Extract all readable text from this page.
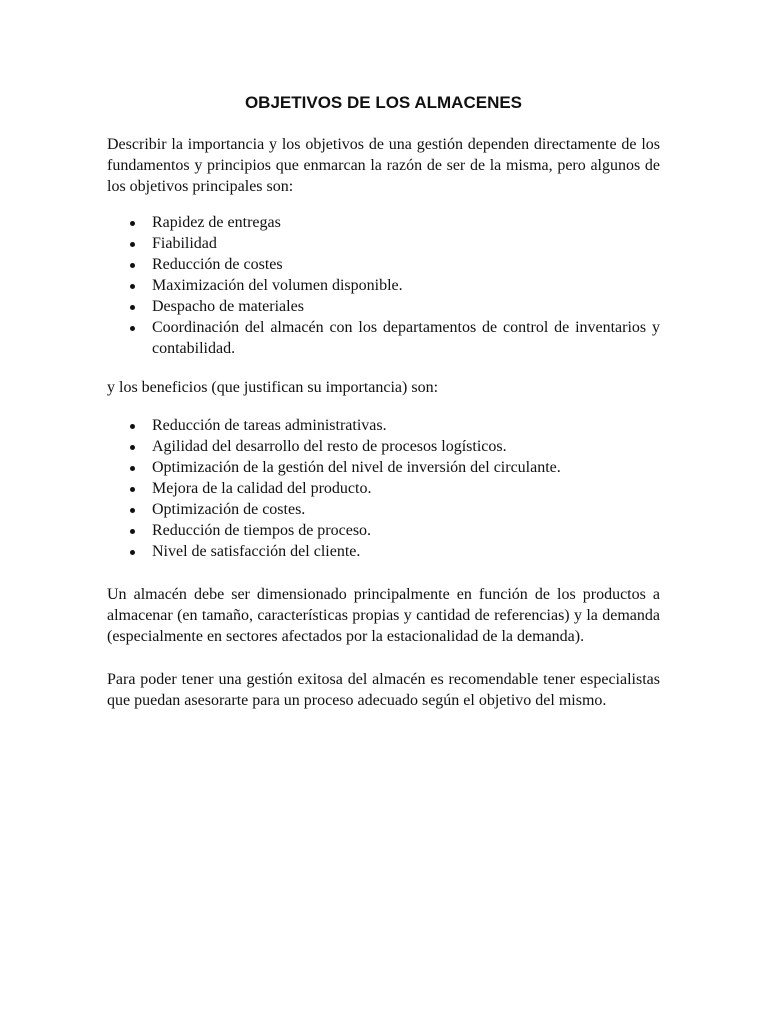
OBJETIVOS DE LOS ALMACENES

Describir la importancia y los objetivos de una gestión dependen directamente de los fundamentos y principios que enmarcan la razón de ser de la misma, pero algunos de los objetivos principales son:

Rapidez de entregas
Fiabilidad
Reducción de costes
Maximización del volumen disponible.
Despacho de materiales
Coordinación del almacén con los departamentos de control de inventarios y contabilidad.

y los beneficios (que justifican su importancia) son:

Reducción de tareas administrativas.
Agilidad del desarrollo del resto de procesos logísticos.
Optimización de la gestión del nivel de inversión del circulante.
Mejora de la calidad del producto.
Optimización de costes.
Reducción de tiempos de proceso.
Nivel de satisfacción del cliente.

Un almacén debe ser dimensionado principalmente en función de los productos a almacenar (en tamaño, características propias y cantidad de referencias) y la demanda (especialmente en sectores afectados por la estacionalidad de la demanda).

Para poder tener una gestión exitosa del almacén es recomendable tener especialistas que puedan asesorarte para un proceso adecuado según el objetivo del mismo.
